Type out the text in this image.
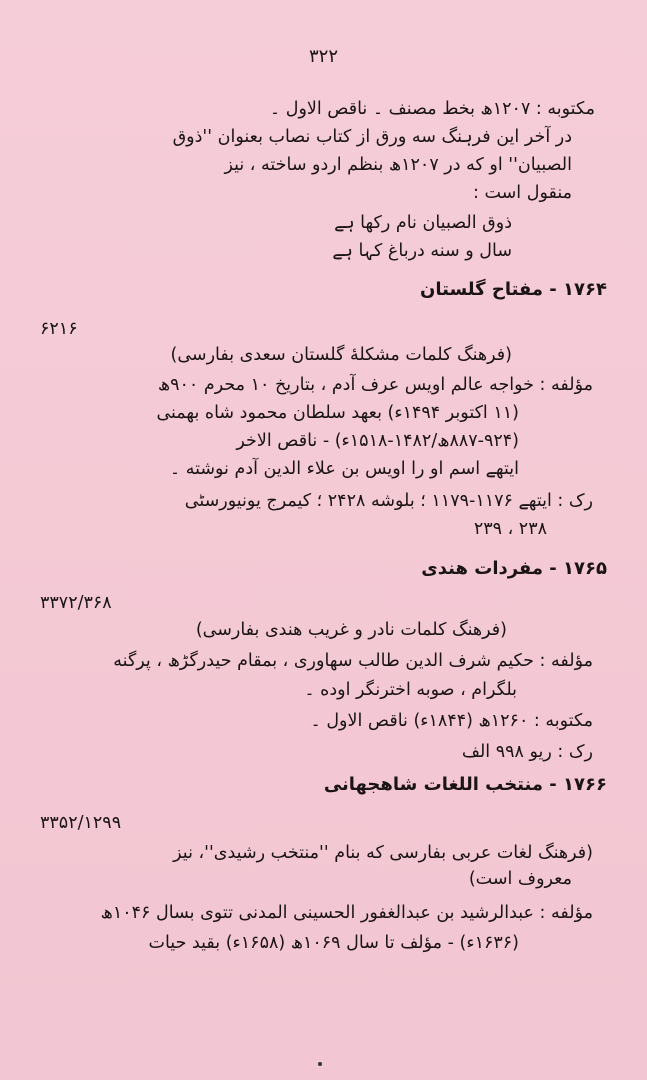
۳۲۲
مکتوبه : ۱۲۰۷ھ بخط مصنف ۔ ناقص الاول ۔
در آخر این فرہنگ سه ورق از کتاب نصاب بعنوان ''ذوق
الصبیان'' او که در ۱۲۰۷ھ بنظم اردو ساخته ، نیز
منقول است :
ذوق الصبیان نام رکھا ہے
سال و سنه درباغ کہا ہے
۱۷۶۴ - مفتاح گلستان
۶۲۱۶
(فرهنگ کلمات مشکلهٔ گلستان سعدی بفارسی)
مؤلفه : خواجه عالم اویس عرف آدم ، بتاریخ ۱۰ محرم ۹۰۰ھ
(۱۱ اکتوبر ۱۴۹۴ء) بعهد سلطان محمود شاه بهمنی
(۸۸۷-۹۲۴ھ/۱۴۸۲-۱۵۱۸ء) - ناقص الاخر
ایتھے اسم او را اویس بن علاء الدین آدم نوشته ۔
رک : ایتھے ۱۱۷۶-۱۱۷۹ ؛ بلوشه ۲۴۲۸ ؛ کیمرج یونیورسٹی
۲۳۸ ، ۲۳۹
۱۷۶۵ - مفردات هندی
۳۳۷۲/۳۶۸
(فرهنگ کلمات نادر و غریب هندی بفارسی)
مؤلفه : حکیم شرف الدین طالب سهاوری ، بمقام حیدرگڑھ ، پرگنه
بلگرام ، صوبه اخترنگر اوده ۔
مکتوبه : ۱۲۶۰ھ (۱۸۴۴ء) ناقص الاول ۔
رک : ریو ۹۹۸ الف
۱۷۶۶ - منتخب اللغات شاهجهانی
۳۳۵۲/۱۲۹۹
(فرهنگ لغات عربی بفارسی که بنام ''منتخب رشیدی''، نیز
معروف است)
مؤلفه : عبدالرشید بن عبدالغفور الحسینی المدنی تتوی بسال ۱۰۴۶ھ
(۱۶۳۶ء) - مؤلف تا سال ۱۰۶۹ھ (۱۶۵۸ء) بقید حیات
